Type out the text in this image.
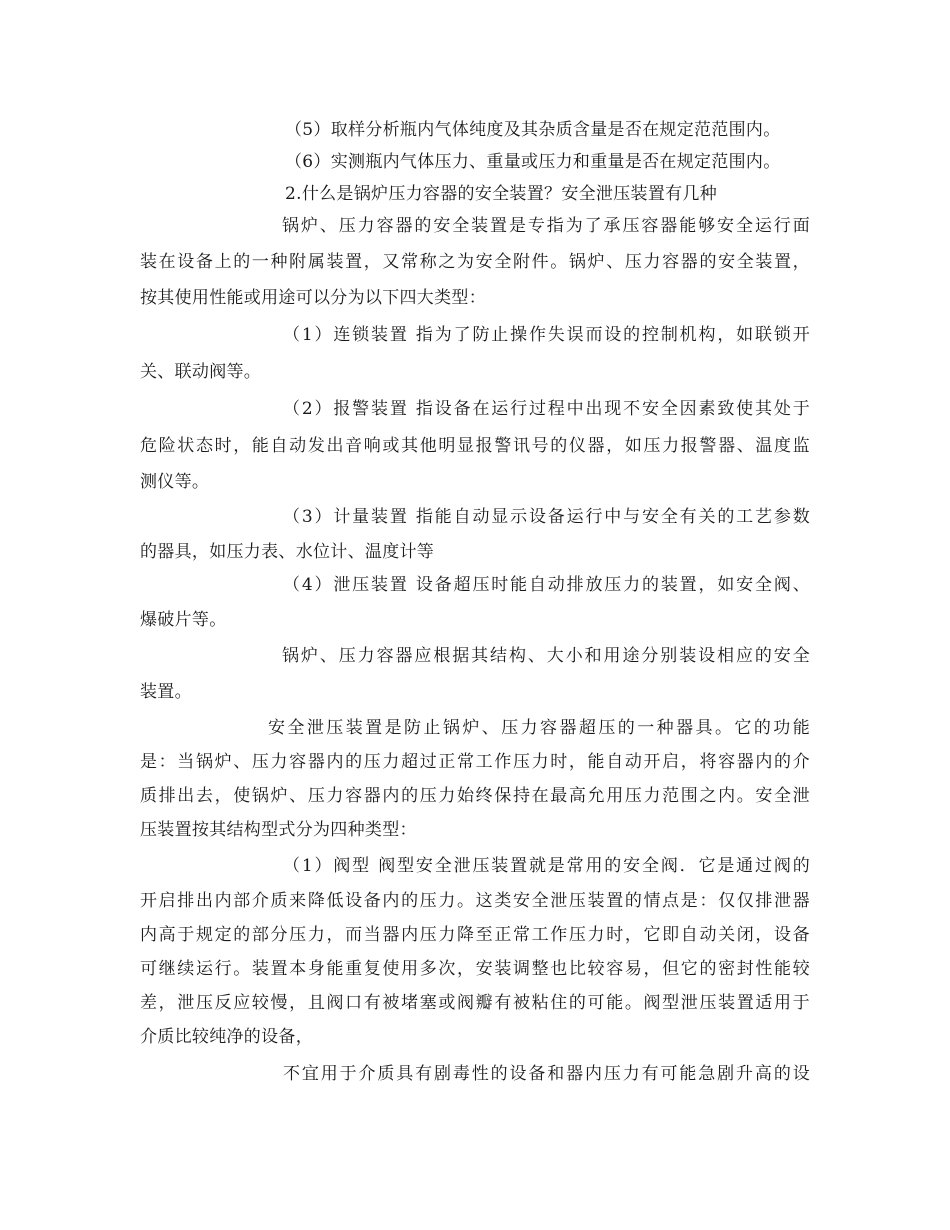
（5）取样分析瓶内气体纯度及其杂质含量是否在规定范范围内。
（6）实测瓶内气体压力、重量或压力和重量是否在规定范围内。
2.什么是锅炉压力容器的安全装置？安全泄压装置有几种
锅炉、压力容器的安全装置是专指为了承压容器能够安全运行面
装在设备上的一种附属装置，又常称之为安全附件。锅炉、压力容器的安全装置，
按其使用性能或用途可以分为以下四大类型：
（1）连锁装置 指为了防止操作失误而设的控制机构，如联锁开
关、联动阀等。
（2）报警装置 指设备在运行过程中出现不安全因素致使其处于
危险状态时，能自动发出音响或其他明显报警讯号的仪器，如压力报警器、温度监
测仪等。
（3）计量装置 指能自动显示设备运行中与安全有关的工艺参数
的器具，如压力表、水位计、温度计等
（4）泄压装置 设备超压时能自动排放压力的装置，如安全阀、
爆破片等。
锅炉、压力容器应根据其结构、大小和用途分别装设相应的安全
装置。
安全泄压装置是防止锅炉、压力容器超压的一种器具。它的功能
是：当锅炉、压力容器内的压力超过正常工作压力时，能自动开启，将容器内的介
质排出去，使锅炉、压力容器内的压力始终保持在最高允用压力范围之内。安全泄
压装置按其结构型式分为四种类型：
（1）阀型 阀型安全泄压装置就是常用的安全阀．它是通过阀的
开启排出内部介质来降低设备内的压力。这类安全泄压装置的情点是：仅仅排泄器
内高于规定的部分压力，而当器内压力降至正常工作压力时，它即自动关闭，设备
可继续运行。装置本身能重复使用多次，安装调整也比较容易，但它的密封性能较
差，泄压反应较慢，且阀口有被堵塞或阀瓣有被粘住的可能。阀型泄压装置适用于
介质比较纯净的设备，
不宜用于介质具有剧毒性的设备和器内压力有可能急剧升高的设
